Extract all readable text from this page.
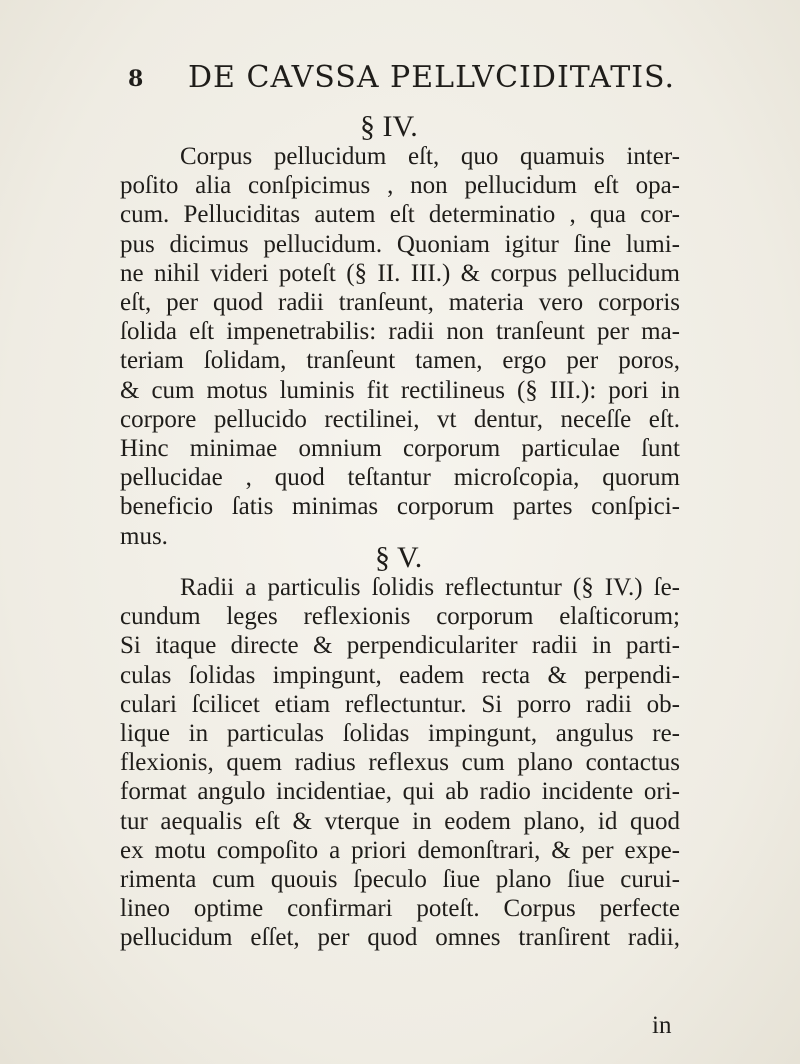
8 DE CAVSSA PELLVCIDITATIS.
§ IV.
Corpus pellucidum eſt, quo quamuis inter-
poſito alia conſpicimus , non pellucidum eſt opa-
cum. Pelluciditas autem eſt determinatio , qua cor-
pus dicimus pellucidum. Quoniam igitur ſine lumi-
ne nihil videri poteſt (§ II. III.) & corpus pellucidum
eſt, per quod radii tranſeunt, materia vero corporis
ſolida eſt impenetrabilis: radii non tranſeunt per ma-
teriam ſolidam, tranſeunt tamen, ergo per poros,
& cum motus luminis fit rectilineus (§ III.): pori in
corpore pellucido rectilinei, vt dentur, neceſſe eſt.
Hinc minimae omnium corporum particulae ſunt
pellucidae , quod teſtantur microſcopia, quorum
beneficio ſatis minimas corporum partes conſpici-
mus.
§ V.
Radii a particulis ſolidis reflectuntur (§ IV.) ſe-
cundum leges reflexionis corporum elaſticorum;
Si itaque directe & perpendiculariter radii in parti-
culas ſolidas impingunt, eadem recta & perpendi-
culari ſcilicet etiam reflectuntur. Si porro radii ob-
lique in particulas ſolidas impingunt, angulus re-
flexionis, quem radius reflexus cum plano contactus
format angulo incidentiae, qui ab radio incidente ori-
tur aequalis eſt & vterque in eodem plano, id quod
ex motu compoſito a priori demonſtrari, & per expe-
rimenta cum quouis ſpeculo ſiue plano ſiue curui-
lineo optime confirmari poteſt. Corpus perfecte
pellucidum eſſet, per quod omnes tranſirent radii,
in
